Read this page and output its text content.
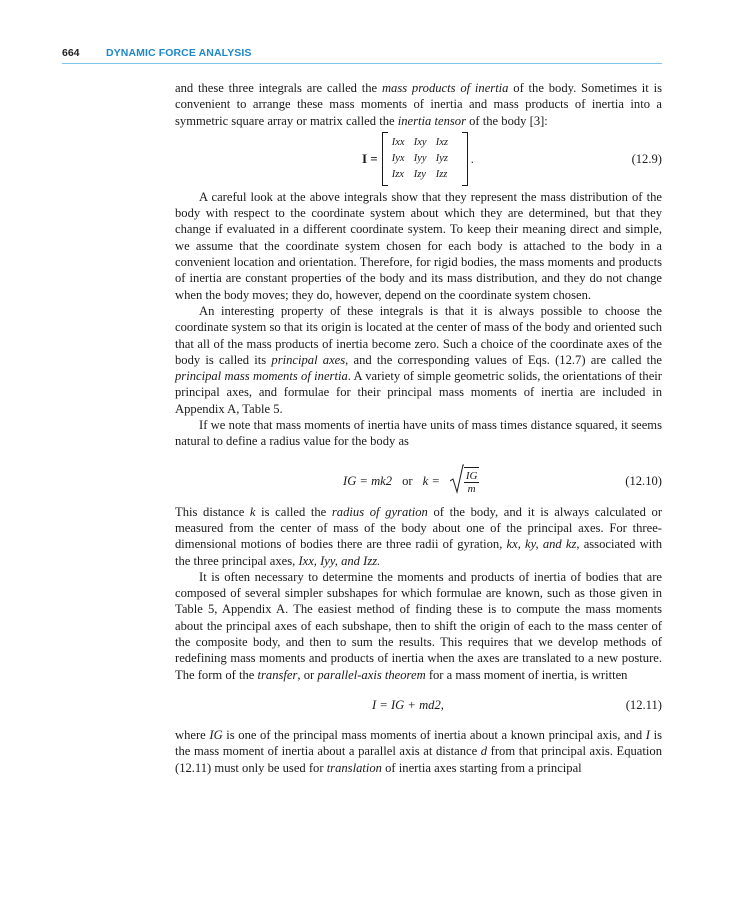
664	DYNAMIC FORCE ANALYSIS

and these three integrals are called the mass products of inertia of the body. Sometimes it is convenient to arrange these mass moments of inertia and mass products of inertia into a symmetric square array or matrix called the inertia tensor of the body [3]:

I =
Ixx Ixy Ixz
Iyx Iyy Iyz
Izx Izy Izz
.	(12.9)

A careful look at the above integrals show that they represent the mass distribution of the body with respect to the coordinate system about which they are determined, but that they change if evaluated in a different coordinate system. To keep their meaning direct and simple, we assume that the coordinate system chosen for each body is attached to the body in a convenient location and orientation. Therefore, for rigid bodies, the mass moments and products of inertia are constant properties of the body and its mass distribution, and they do not change when the body moves; they do, however, depend on the coordinate system chosen.

An interesting property of these integrals is that it is always possible to choose the coordinate system so that its origin is located at the center of mass of the body and oriented such that all of the mass products of inertia become zero. Such a choice of the coordinate axes of the body is called its principal axes, and the corresponding values of Eqs. (12.7) are called the principal mass moments of inertia. A variety of simple geometric solids, the orientations of their principal axes, and formulae for their principal mass moments of inertia are included in Appendix A, Table 5.

If we note that mass moments of inertia have units of mass times distance squared, it seems natural to define a radius value for the body as

IG = mk2 or $k = \frac{IG}{m}$	(12.10)

This distance k is called the radius of gyration of the body, and it is always calculated or measured from the center of mass of the body about one of the principal axes. For three-dimensional motions of bodies there are three radii of gyration, kx, ky, and kz, associated with the three principal axes, Ixx, Iyy, and Izz.

It is often necessary to determine the moments and products of inertia of bodies that are composed of several simpler subshapes for which formulae are known, such as those given in Table 5, Appendix A. The easiest method of finding these is to compute the mass moments about the principal axes of each subshape, then to shift the origin of each to the mass center of the composite body, and then to sum the results. This requires that we develop methods of redefining mass moments and products of inertia when the axes are translated to a new posture. The form of the transfer, or parallel-axis theorem for a mass moment of inertia, is written

I = IG + md2,	(12.11)

where IG is one of the principal mass moments of inertia about a known principal axis, and I is the mass moment of inertia about a parallel axis at distance d from that principal axis. Equation (12.11) must only be used for translation of inertia axes starting from a principal
